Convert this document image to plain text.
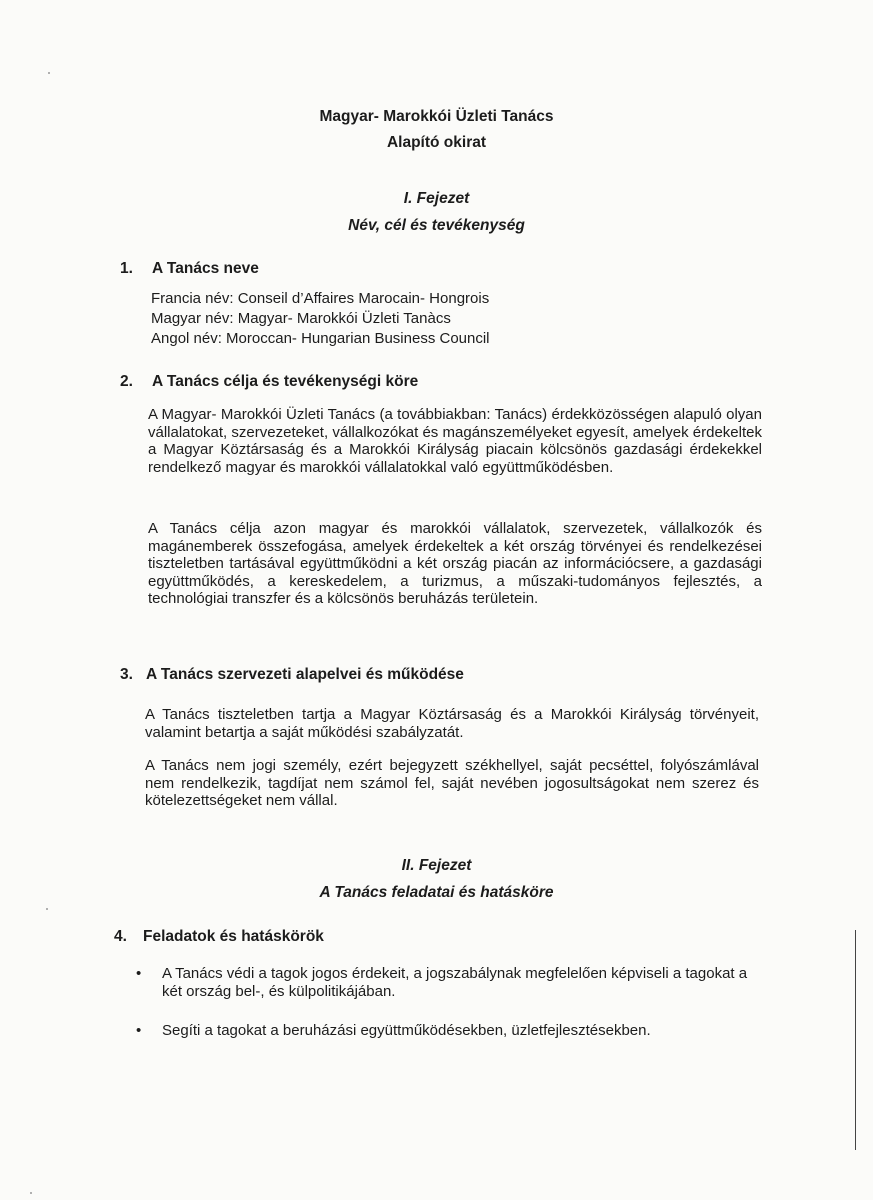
Magyar- Marokkói Üzleti Tanács
Alapító okirat
I. Fejezet
Név, cél és tevékenység
1.	A Tanács neve
Francia név: Conseil d’Affaires Marocain- Hongrois
Magyar név: Magyar- Marokkói Üzleti Tanàcs
Angol név: Moroccan- Hungarian Business Council
2.	A Tanács célja és tevékenységi köre
A Magyar- Marokkói Üzleti Tanács (a továbbiakban: Tanács) érdekközösségen alapuló olyan vállalatokat, szervezeteket, vállalkozókat és magánszemélyeket egyesít, amelyek érdekeltek a Magyar Köztársaság és a Marokkói Királyság piacain kölcsönös gazdasági érdekekkel rendelkező magyar és marokkói vállalatokkal való együttműködésben.
A Tanács célja azon magyar és marokkói vállalatok, szervezetek, vállalkozók és magánemberek összefogása, amelyek érdekeltek a két ország törvényei és rendelkezései tiszteletben tartásával együttműködni a két ország piacán az információcsere, a gazdasági együttműködés, a kereskedelem, a turizmus, a műszaki-tudományos fejlesztés, a technológiai transzfer és a kölcsönös beruházás területein.
3. A Tanács szervezeti alapelvei és működése
A Tanács tiszteletben tartja a Magyar Köztársaság és a Marokkói Királyság törvényeit, valamint betartja a saját működési szabályzatát.
A Tanács nem jogi személy, ezért bejegyzett székhellyel, saját pecséttel, folyószámlával nem rendelkezik, tagdíjat nem számol fel, saját nevében jogosultságokat nem szerez és kötelezettségeket nem vállal.
II. Fejezet
A Tanács feladatai és hatásköre
4.	Feladatok és hatáskörök
• A Tanács védi a tagok jogos érdekeit, a jogszabálynak megfelelően képviseli a tagokat a két ország bel-, és külpolitikájában.
• Segíti a tagokat a beruházási együttműködésekben, üzletfejlesztésekben.
